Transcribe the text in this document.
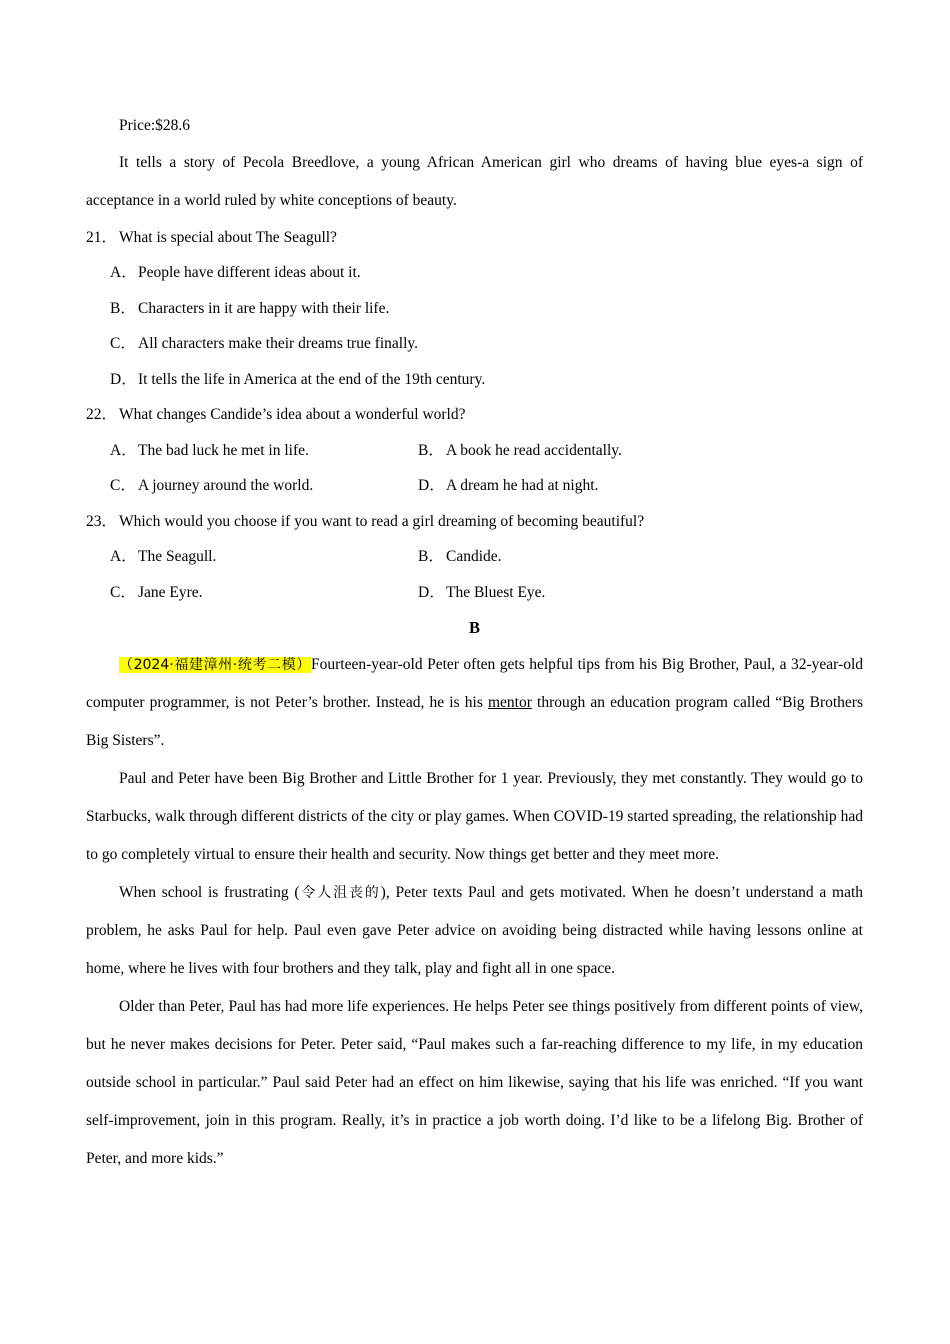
Price:$28.6

It tells a story of Pecola Breedlove, a young African American girl who dreams of having blue eyes-a sign of acceptance in a world ruled by white conceptions of beauty.

21． What is special about The Seagull?

A．People have different ideas about it.

B． Characters in it are happy with their life.

C． All characters make their dreams true finally.

D．It tells the life in America at the end of the 19th century.

22． What changes Candide’s idea about a wonderful world?

A．The bad luck he met in life.	B． A book he read accidentally.
C． A journey around the world.	D．A dream he had at night.

23． Which would you choose if you want to read a girl dreaming of becoming beautiful?

A．The Seagull.	B． Candide.
C． Jane Eyre.	D．The Bluest Eye.

B

（2024·福建漳州·统考二模）Fourteen-year-old Peter often gets helpful tips from his Big Brother, Paul, a 32-year-old computer programmer, is not Peter’s brother. Instead, he is his mentor through an education program called “Big Brothers Big Sisters”.

Paul and Peter have been Big Brother and Little Brother for 1 year. Previously, they met constantly. They would go to Starbucks, walk through different districts of the city or play games. When COVID-19 started spreading, the relationship had to go completely virtual to ensure their health and security. Now things get better and they meet more.

When school is frustrating (令人沮丧的), Peter texts Paul and gets motivated. When he doesn’t understand a math problem, he asks Paul for help. Paul even gave Peter advice on avoiding being distracted while having lessons online at home, where he lives with four brothers and they talk, play and fight all in one space.

Older than Peter, Paul has had more life experiences. He helps Peter see things positively from different points of view, but he never makes decisions for Peter. Peter said, “Paul makes such a far-reaching difference to my life, in my education outside school in particular.” Paul said Peter had an effect on him likewise, saying that his life was enriched. “If you want self-improvement, join in this program. Really, it’s in practice a job worth doing. I’d like to be a lifelong Big. Brother of Peter, and more kids.”
